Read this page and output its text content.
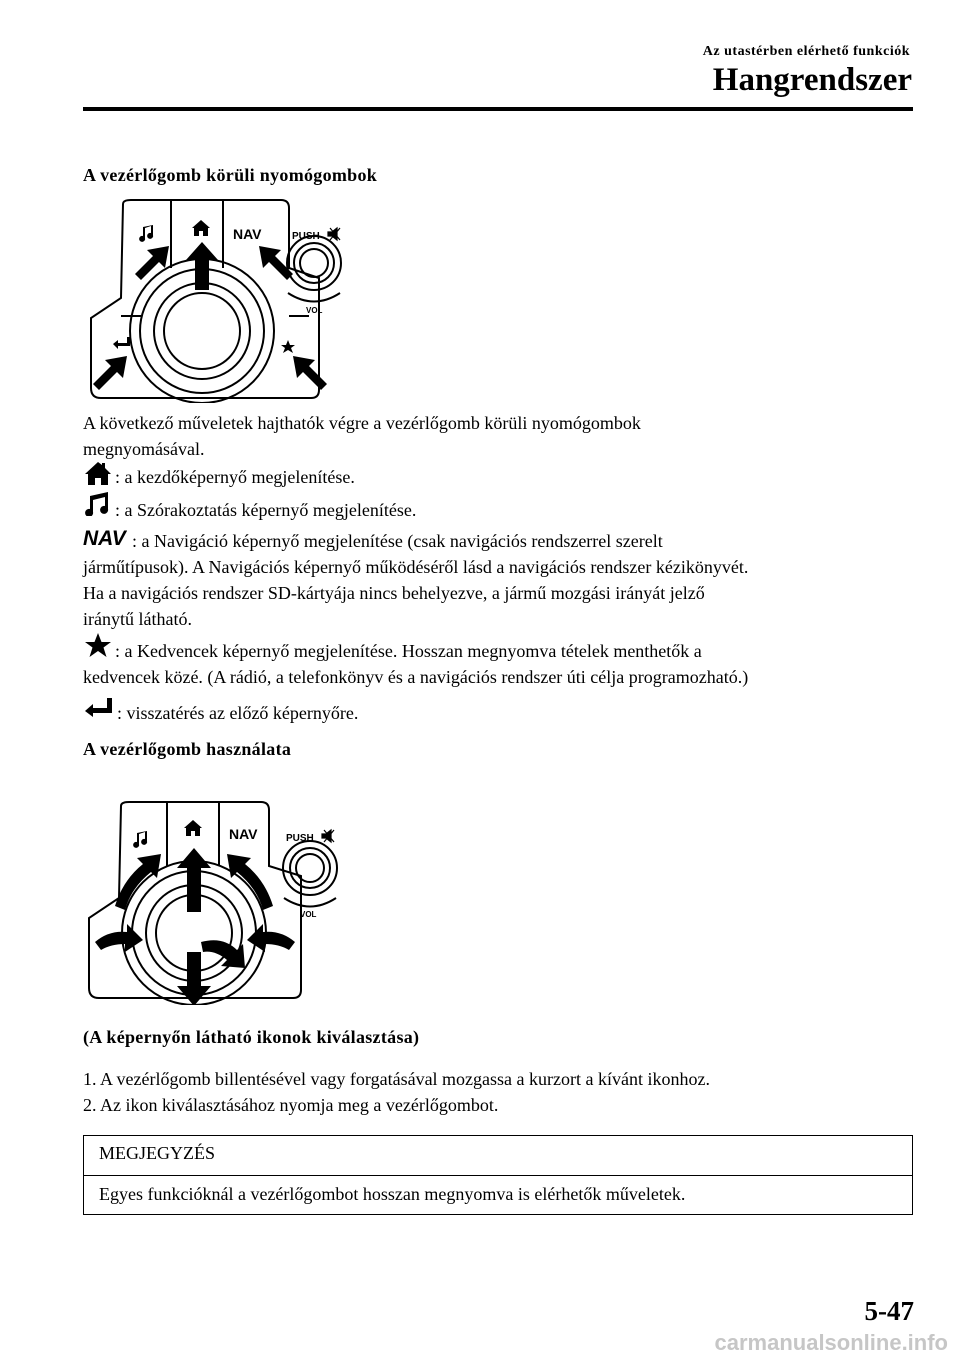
Az utastérben elérhető funkciók
Hangrendszer
A vezérlőgomb körüli nyomógombok
NAV	PUSH
VOL
A következő műveletek hajthatók végre a vezérlőgomb körüli nyomógombok
megnyomásával.
: a kezdőképernyő megjelenítése.
: a Szórakoztatás képernyő megjelenítése.
NAV : a Navigáció képernyő megjelenítése (csak navigációs rendszerrel szerelt
járműtípusok). A Navigációs képernyő működéséről lásd a navigációs rendszer kézikönyvét.
Ha a navigációs rendszer SD-kártyája nincs behelyezve, a jármű mozgási irányát jelző
iránytű látható.
: a Kedvencek képernyő megjelenítése. Hosszan megnyomva tételek menthetők a
kedvencek közé. (A rádió, a telefonkönyv és a navigációs rendszer úti célja programozható.)
: visszatérés az előző képernyőre.
A vezérlőgomb használata
NAV	PUSH
VOL
(A képernyőn látható ikonok kiválasztása)
1. A vezérlőgomb billentésével vagy forgatásával mozgassa a kurzort a kívánt ikonhoz.
2. Az ikon kiválasztásához nyomja meg a vezérlőgombot.
MEGJEGYZÉS
Egyes funkcióknál a vezérlőgombot hosszan megnyomva is elérhetők műveletek.
5-47
carmanualsonline.info
